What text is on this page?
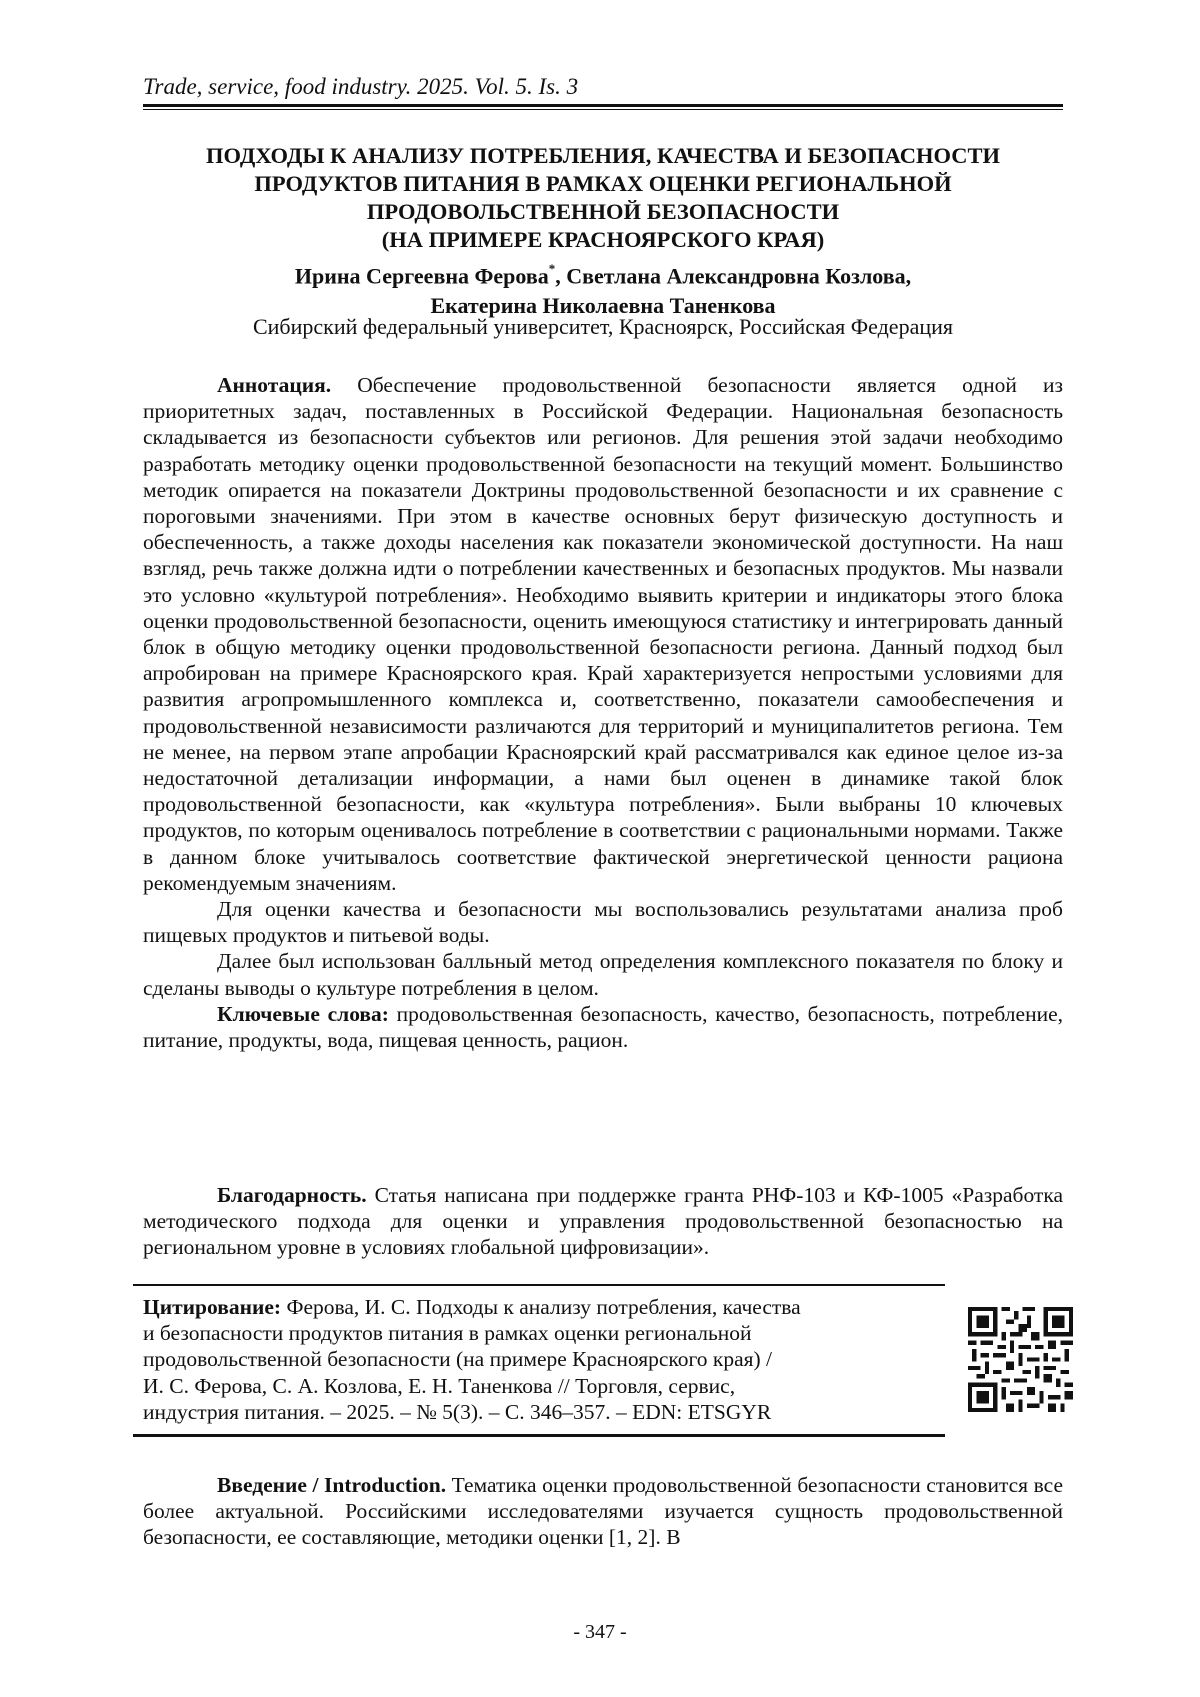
Trade, service, food industry. 2025. Vol. 5. Is. 3
ПОДХОДЫ К АНАЛИЗУ ПОТРЕБЛЕНИЯ, КАЧЕСТВА И БЕЗОПАСНОСТИ
ПРОДУКТОВ ПИТАНИЯ В РАМКАХ ОЦЕНКИ РЕГИОНАЛЬНОЙ
ПРОДОВОЛЬСТВЕННОЙ БЕЗОПАСНОСТИ
(НА ПРИМЕРЕ КРАСНОЯРСКОГО КРАЯ)
Ирина Сергеевна Ферова*, Светлана Александровна Козлова,
Екатерина Николаевна Таненкова
Сибирский федеральный университет, Красноярск, Российская Федерация

Аннотация. Обеспечение продовольственной безопасности является одной из приоритетных задач, поставленных в Российской Федерации. Национальная безопасность складывается из безопасности субъектов или регионов. Для решения этой задачи необходимо разработать методику оценки продовольственной безопасности на текущий момент. Большинство методик опирается на показатели Доктрины продовольственной безопасности и их сравнение с пороговыми значениями. При этом в качестве основных берут физическую доступность и обеспеченность, а также доходы населения как показатели экономической доступности. На наш взгляд, речь также должна идти о потреблении качественных и безопасных продуктов. Мы назвали это условно «культурой потребления». Необходимо выявить критерии и индикаторы этого блока оценки продовольственной безопасности, оценить имеющуюся статистику и интегрировать данный блок в общую методику оценки продовольственной безопасности региона. Данный подход был апробирован на примере Красноярского края. Край характеризуется непростыми условиями для развития агропромышленного комплекса и, соответственно, показатели самообеспечения и продовольственной независимости различаются для территорий и муниципалитетов региона. Тем не менее, на первом этапе апробации Красноярский край рассматривался как единое целое из-за недостаточной детализации информации, а нами был оценен в динамике такой блок продовольственной безопасности, как «культура потребления». Были выбраны 10 ключевых продуктов, по которым оценивалось потребление в соответствии с рациональными нормами. Также в данном блоке учитывалось соответствие фактической энергетической ценности рациона рекомендуемым значениям.

Для оценки качества и безопасности мы воспользовались результатами анализа проб пищевых продуктов и питьевой воды.

Далее был использован балльный метод определения комплексного показателя по блоку и сделаны выводы о культуре потребления в целом.

Ключевые слова: продовольственная безопасность, качество, безопасность, потребление, питание, продукты, вода, пищевая ценность, рацион.

Благодарность. Статья написана при поддержке гранта РНФ-103 и КФ-1005 «Разработка методического подхода для оценки и управления продовольственной безопасностью на региональном уровне в условиях глобальной цифровизации».

Цитирование: Ферова, И. С. Подходы к анализу потребления, качества
и безопасности продуктов питания в рамках оценки региональной
продовольственной безопасности (на примере Красноярского края) /
И. С. Ферова, С. А. Козлова, Е. Н. Таненкова // Торговля, сервис,
индустрия питания. – 2025. – № 5(3). – С. 346–357. – EDN: ETSGYR

Введение / Introduction. Тематика оценки продовольственной безопасности становится все более актуальной. Российскими исследователями изучается сущность продовольственной безопасности, ее составляющие, методики оценки [1, 2]. В

- 347 -
